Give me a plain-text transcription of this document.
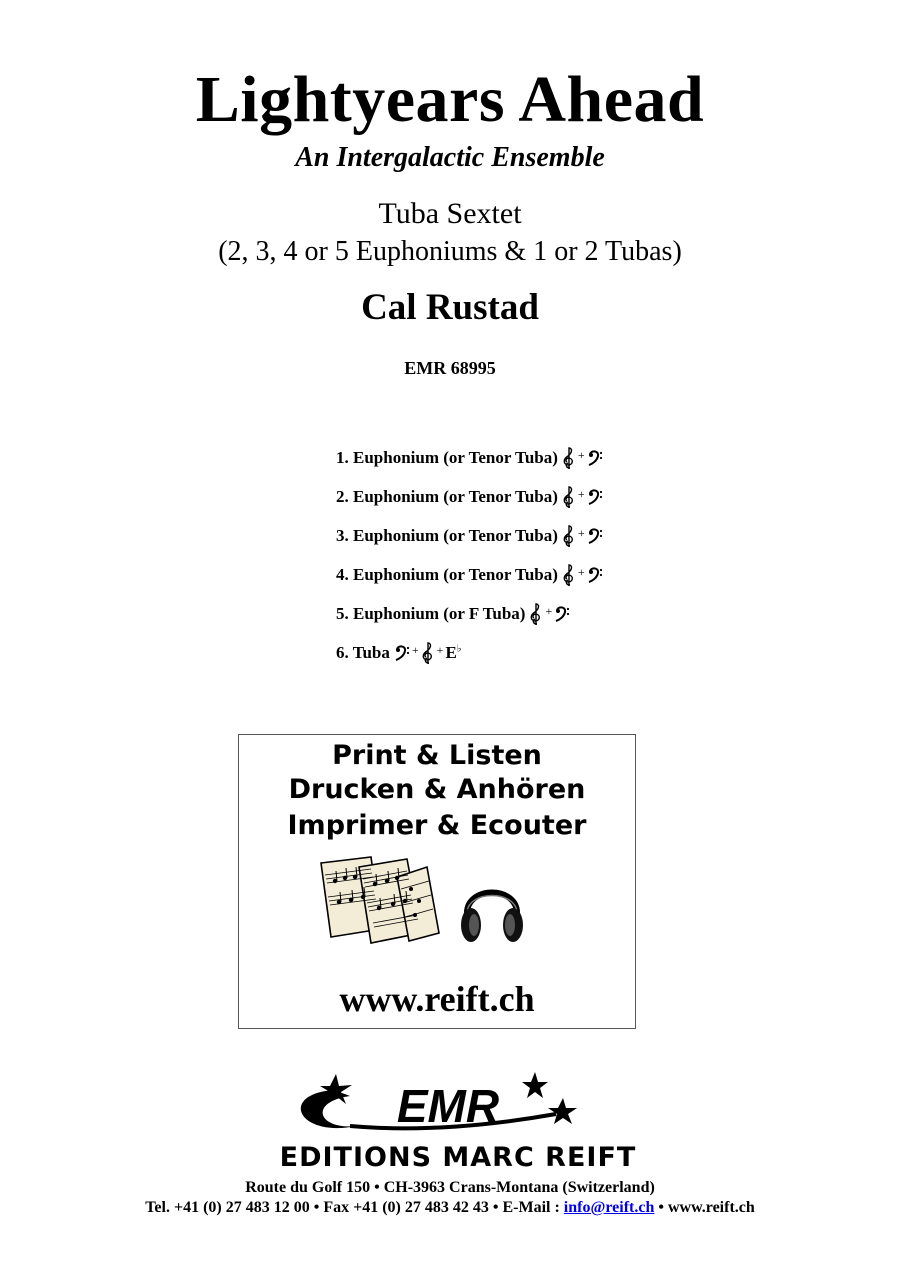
Lightyears Ahead
An Intergalactic Ensemble
Tuba Sextet
(2, 3, 4 or 5 Euphoniums & 1 or 2 Tubas)
Cal Rustad
EMR 68995
1. Euphonium (or Tenor Tuba) +
2. Euphonium (or Tenor Tuba) +
3. Euphonium (or Tenor Tuba) +
4. Euphonium (or Tenor Tuba) +
5. Euphonium (or F Tuba) +
6. Tuba + + E♭
Print & Listen
Drucken & Anhören
Imprimer & Ecouter
www.reift.ch
EMR
EDITIONS MARC REIFT
Route du Golf 150 • CH-3963 Crans-Montana (Switzerland)
Tel. +41 (0) 27 483 12 00 • Fax +41 (0) 27 483 42 43 • E-Mail : info@reift.ch • www.reift.ch
